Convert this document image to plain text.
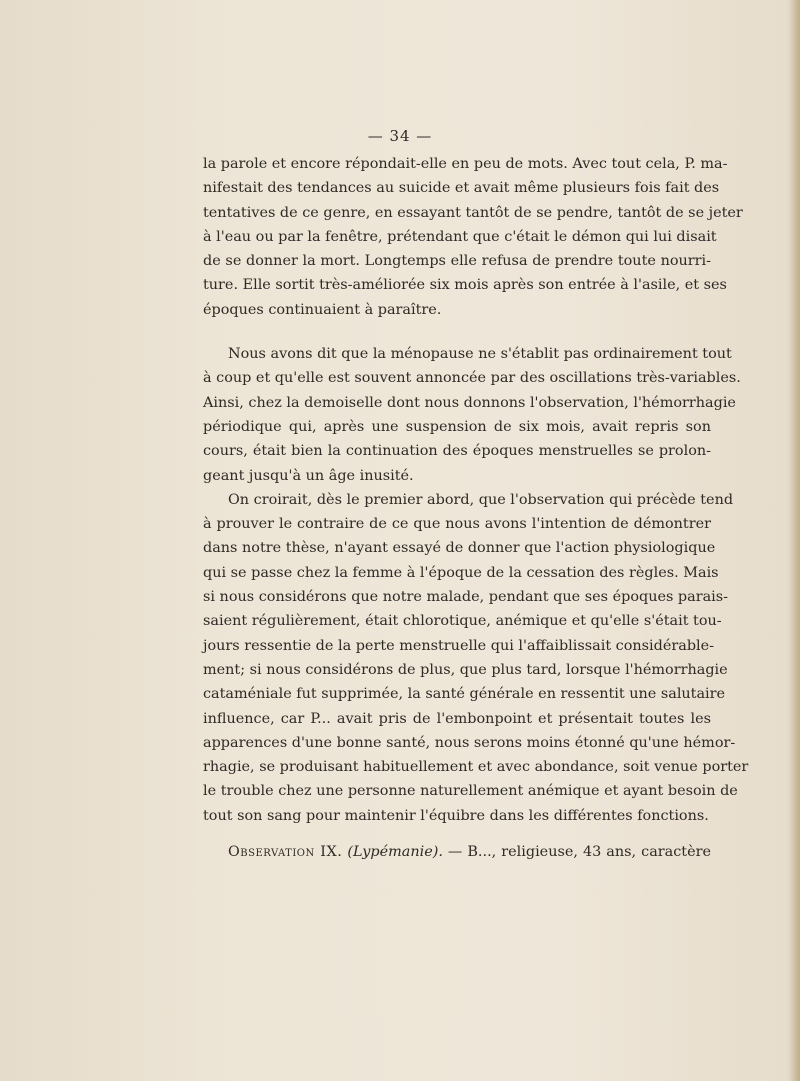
— 34 —

la parole et encore répondait-elle en peu de mots. Avec tout cela, P. ma-

nifestait des tendances au suicide et avait même plusieurs fois fait des

tentatives de ce genre, en essayant tantôt de se pendre, tantôt de se jeter

à l'eau ou par la fenêtre, prétendant que c'était le démon qui lui disait

de se donner la mort. Longtemps elle refusa de prendre toute nourri-

ture. Elle sortit très-améliorée six mois après son entrée à l'asile, et ses

époques continuaient à paraître.

Nous avons dit que la ménopause ne s'établit pas ordinairement tout

à coup et qu'elle est souvent annoncée par des oscillations très-variables.

Ainsi, chez la demoiselle dont nous donnons l'observation, l'hémorrhagie

périodique qui, après une suspension de six mois, avait repris son

cours, était bien la continuation des époques menstruelles se prolon-

geant jusqu'à un âge inusité.

On croirait, dès le premier abord, que l'observation qui précède tend

à prouver le contraire de ce que nous avons l'intention de démontrer

dans notre thèse, n'ayant essayé de donner que l'action physiologique

qui se passe chez la femme à l'époque de la cessation des règles. Mais

si nous considérons que notre malade, pendant que ses époques parais-

saient régulièrement, était chlorotique, anémique et qu'elle s'était tou-

jours ressentie de la perte menstruelle qui l'affaiblissait considérable-

ment; si nous considérons de plus, que plus tard, lorsque l'hémorrhagie

cataméniale fut supprimée, la santé générale en ressentit une salutaire

influence, car P... avait pris de l'embonpoint et présentait toutes les

apparences d'une bonne santé, nous serons moins étonné qu'une hémor-

rhagie, se produisant habituellement et avec abondance, soit venue porter

le trouble chez une personne naturellement anémique et ayant besoin de

tout son sang pour maintenir l'équibre dans les différentes fonctions.

Observation IX. (Lypémanie). — B..., religieuse, 43 ans, caractère
